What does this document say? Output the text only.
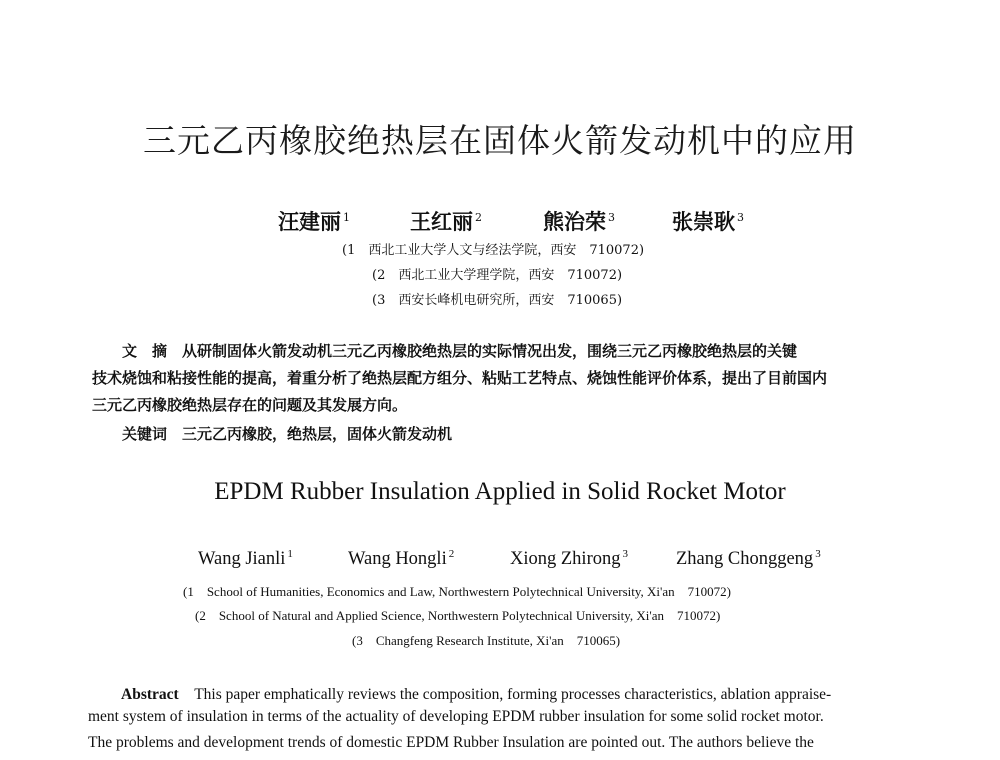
三元乙丙橡胶绝热层在固体火箭发动机中的应用
汪建丽 $^1$	王红丽 $^2$	熊治荣 $^3$	张崇耿 $^3$
(1　西北工业大学人文与经法学院，西安　710072)
(2　西北工业大学理学院，西安　710072)
(3　西安长峰机电研究所，西安　710065)
文　摘　 从研制固体火箭发动机三元乙丙橡胶绝热层的实际情况出发，围绕三元乙丙橡胶绝热层的关键
技术烧蚀和粘接性能的提高，着重分析了绝热层配方组分、粘贴工艺特点、烧蚀性能评价体系，提出了目前国内
三元乙丙橡胶绝热层存在的问题及其发展方向。
关键词　 三元乙丙橡胶，绝热层，固体火箭发动机
EPDM Rubber Insulation Applied in Solid Rocket Motor
Wang Jianli $^1$	Wang Hongli $^2$	Xiong Zhirong $^3$	Zhang Chonggeng $^3$
(1　School of Humanities, Economics and Law, Northwestern Polytechnical University, Xi'an　710072)
(2　School of Natural and Applied Science, Northwestern Polytechnical University, Xi'an　710072)
(3　Changfeng Research Institute, Xi'an　710065)
Abstract　 This paper emphatically reviews the composition, forming processes characteristics, ablation appraise-
ment system of insulation in terms of the actuality of developing EPDM rubber insulation for some solid rocket motor.
The problems and development trends of domestic EPDM Rubber Insulation are pointed out. The authors believe the
